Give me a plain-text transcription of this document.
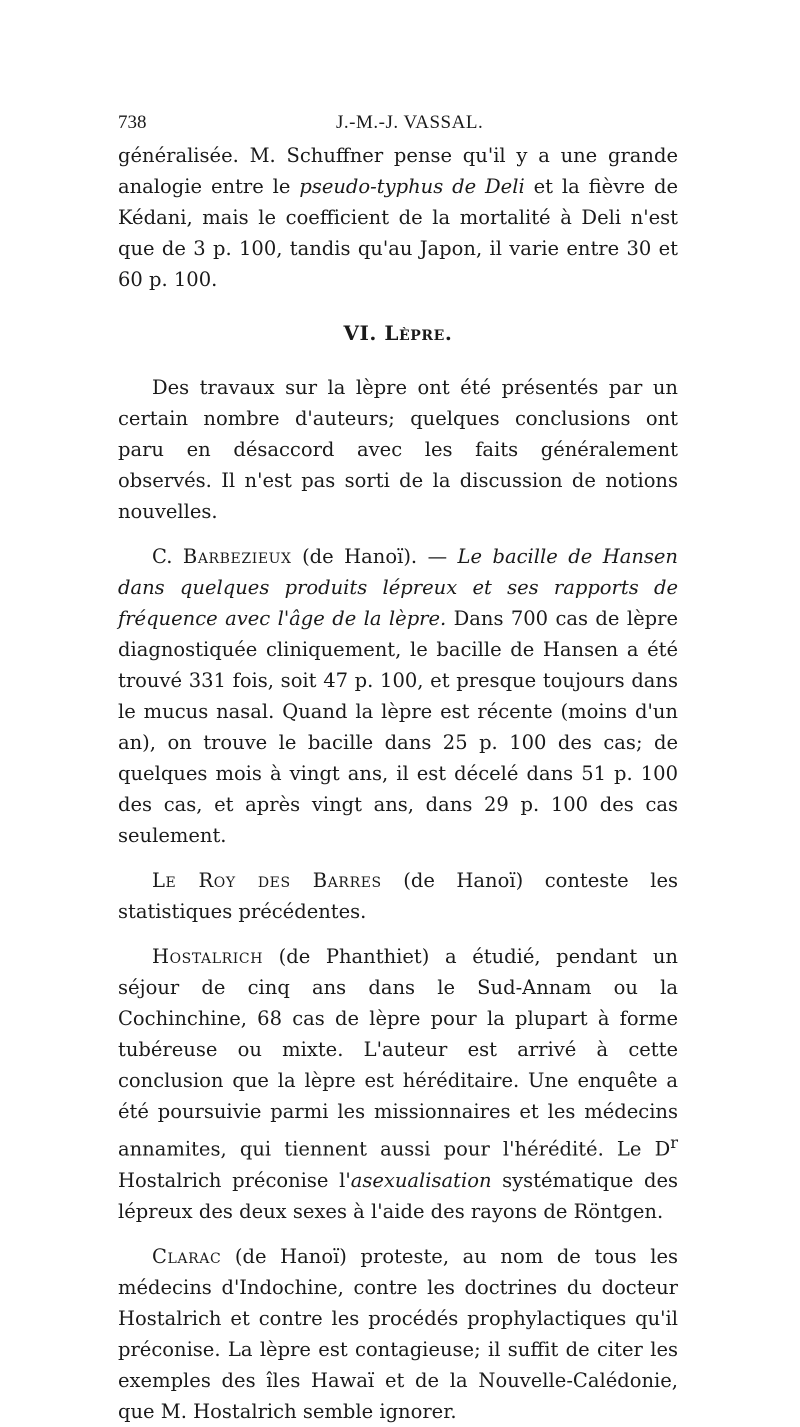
738	J.-M.-J. VASSAL.

généralisée. M. Schuffner pense qu'il y a une grande analogie entre le pseudo-typhus de Deli et la fièvre de Kédani, mais le coefficient de la mortalité à Deli n'est que de 3 p. 100, tandis qu'au Japon, il varie entre 30 et 60 p. 100.

VI. Lèpre.

Des travaux sur la lèpre ont été présentés par un certain nombre d'auteurs; quelques conclusions ont paru en désaccord avec les faits généralement observés. Il n'est pas sorti de la discussion de notions nouvelles.

C. Barbezieux (de Hanoï). — Le bacille de Hansen dans quelques produits lépreux et ses rapports de fréquence avec l'âge de la lèpre. Dans 700 cas de lèpre diagnostiquée cliniquement, le bacille de Hansen a été trouvé 331 fois, soit 47 p. 100, et presque toujours dans le mucus nasal. Quand la lèpre est récente (moins d'un an), on trouve le bacille dans 25 p. 100 des cas; de quelques mois à vingt ans, il est décelé dans 51 p. 100 des cas, et après vingt ans, dans 29 p. 100 des cas seulement.

Le Roy des Barres (de Hanoï) conteste les statistiques précédentes.

Hostalrich (de Phanthiet) a étudié, pendant un séjour de cinq ans dans le Sud-Annam ou la Cochinchine, 68 cas de lèpre pour la plupart à forme tubéreuse ou mixte. L'auteur est arrivé à cette conclusion que la lèpre est héréditaire. Une enquête a été poursuivie parmi les missionnaires et les médecins annamites, qui tiennent aussi pour l'hérédité. Le $D^r$ Hostalrich préconise l'asexualisation systématique des lépreux des deux sexes à l'aide des rayons de Röntgen.

Clarac (de Hanoï) proteste, au nom de tous les médecins d'Indochine, contre les doctrines du docteur Hostalrich et contre les procédés prophylactiques qu'il préconise. La lèpre est contagieuse; il suffit de citer les exemples des îles Hawaï et de la Nouvelle-Calédonie, que M. Hostalrich semble ignorer.
